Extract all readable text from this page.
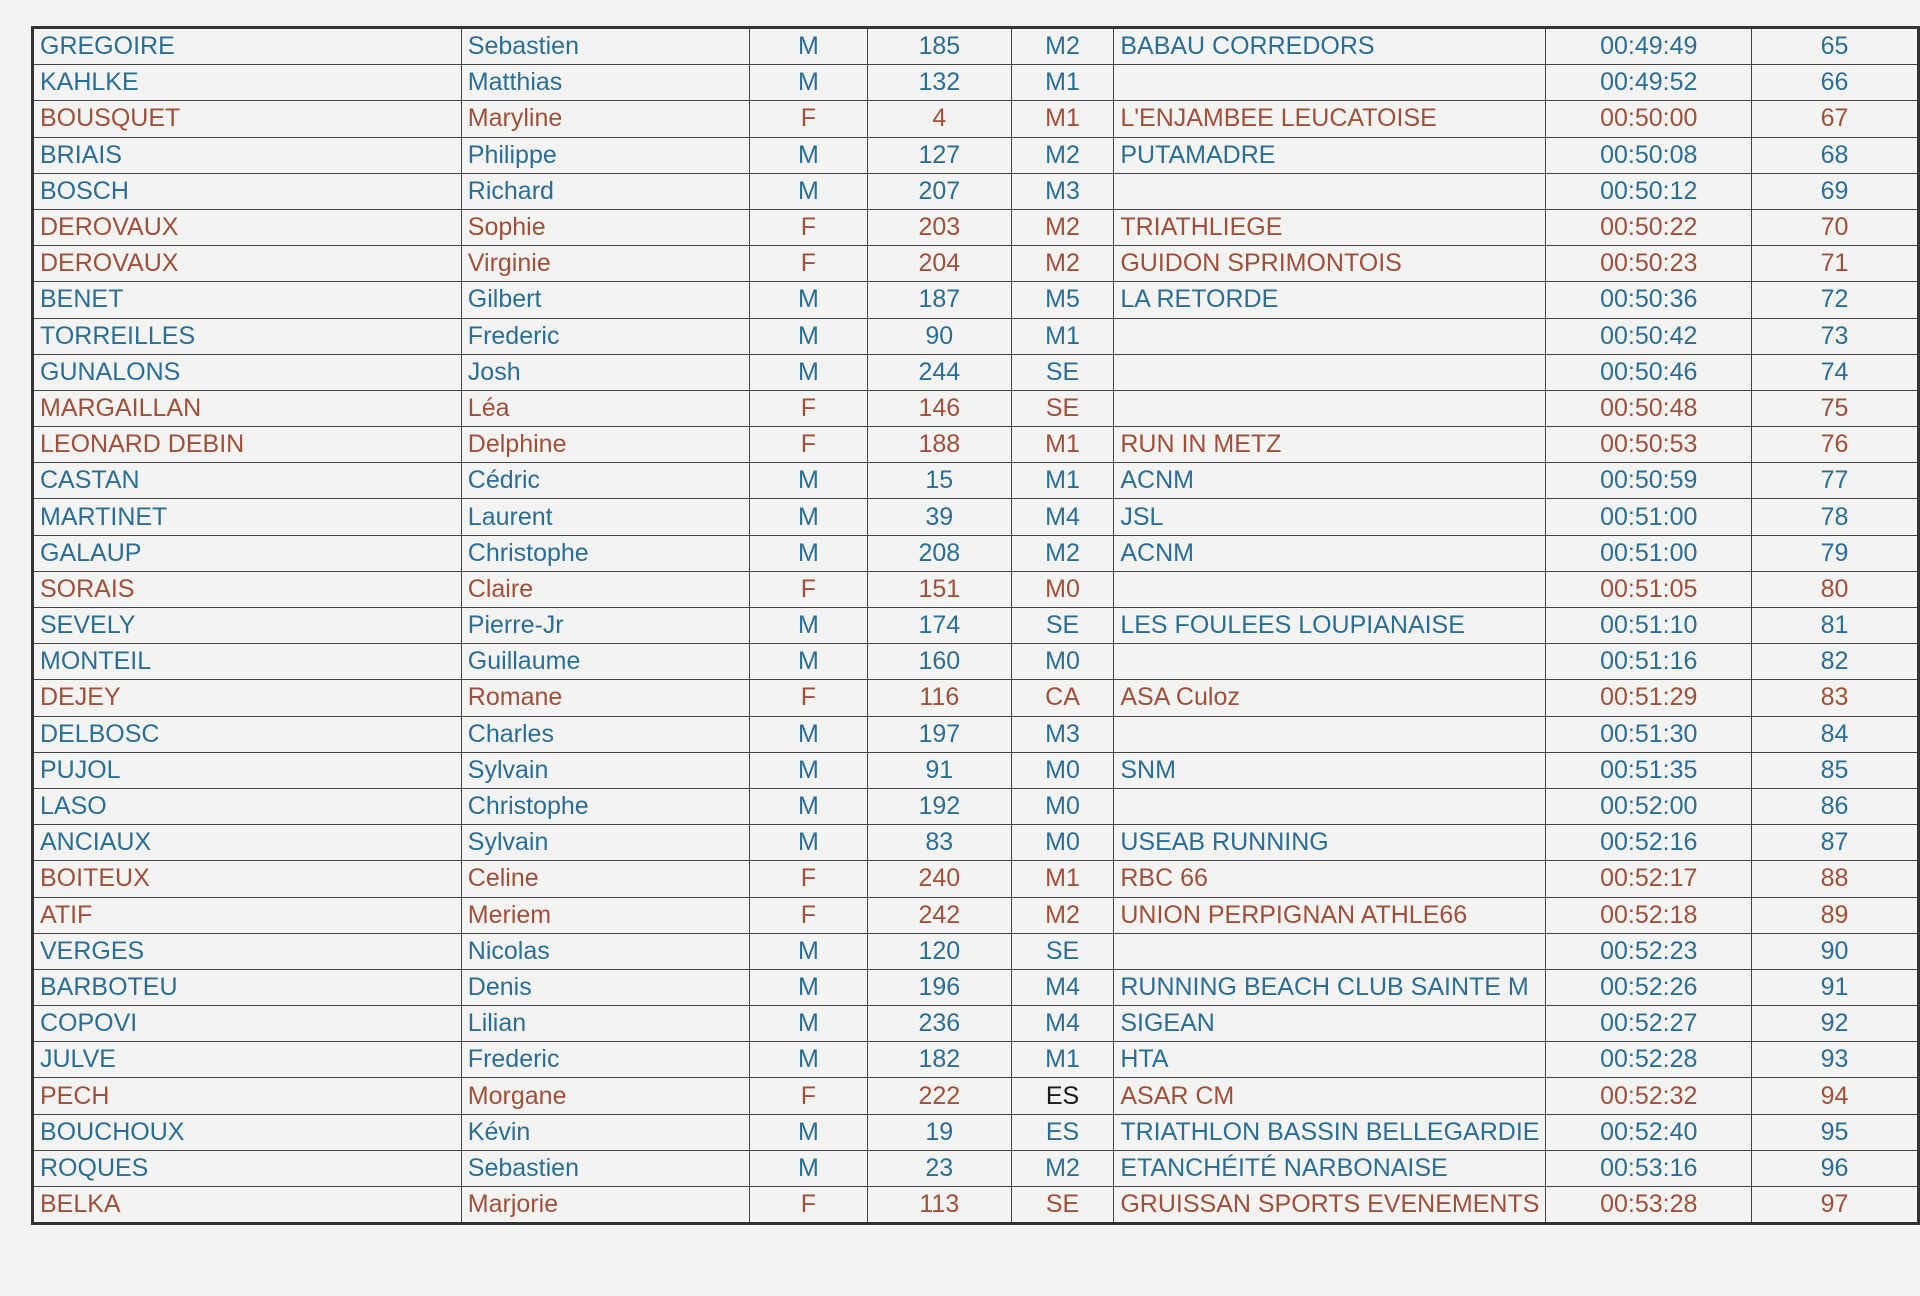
GREGOIRE	Sebastien	M	185	M2	BABAU CORREDORS	00:49:49	65
KAHLKE	Matthias	M	132	M1		00:49:52	66
BOUSQUET	Maryline	F	4	M1	L'ENJAMBEE LEUCATOISE	00:50:00	67
BRIAIS	Philippe	M	127	M2	PUTAMADRE	00:50:08	68
BOSCH	Richard	M	207	M3		00:50:12	69
DEROVAUX	Sophie	F	203	M2	TRIATHLIEGE	00:50:22	70
DEROVAUX	Virginie	F	204	M2	GUIDON SPRIMONTOIS	00:50:23	71
BENET	Gilbert	M	187	M5	LA RETORDE	00:50:36	72
TORREILLES	Frederic	M	90	M1		00:50:42	73
GUNALONS	Josh	M	244	SE		00:50:46	74
MARGAILLAN	Léa	F	146	SE		00:50:48	75
LEONARD DEBIN	Delphine	F	188	M1	RUN IN METZ	00:50:53	76
CASTAN	Cédric	M	15	M1	ACNM	00:50:59	77
MARTINET	Laurent	M	39	M4	JSL	00:51:00	78
GALAUP	Christophe	M	208	M2	ACNM	00:51:00	79
SORAIS	Claire	F	151	M0		00:51:05	80
SEVELY	Pierre-Jr	M	174	SE	LES FOULEES LOUPIANAISE	00:51:10	81
MONTEIL	Guillaume	M	160	M0		00:51:16	82
DEJEY	Romane	F	116	CA	ASA Culoz	00:51:29	83
DELBOSC	Charles	M	197	M3		00:51:30	84
PUJOL	Sylvain	M	91	M0	SNM	00:51:35	85
LASO	Christophe	M	192	M0		00:52:00	86
ANCIAUX	Sylvain	M	83	M0	USEAB RUNNING	00:52:16	87
BOITEUX	Celine	F	240	M1	RBC 66	00:52:17	88
ATIF	Meriem	F	242	M2	UNION PERPIGNAN ATHLE66	00:52:18	89
VERGES	Nicolas	M	120	SE		00:52:23	90
BARBOTEU	Denis	M	196	M4	RUNNING BEACH CLUB SAINTE M	00:52:26	91
COPOVI	Lilian	M	236	M4	SIGEAN	00:52:27	92
JULVE	Frederic	M	182	M1	HTA	00:52:28	93
PECH	Morgane	F	222	ES	ASAR CM	00:52:32	94
BOUCHOUX	Kévin	M	19	ES	TRIATHLON BASSIN BELLEGARDIE	00:52:40	95
ROQUES	Sebastien	M	23	M2	ETANCHÉITÉ NARBONAISE	00:53:16	96
BELKA	Marjorie	F	113	SE	GRUISSAN SPORTS EVENEMENTS	00:53:28	97
